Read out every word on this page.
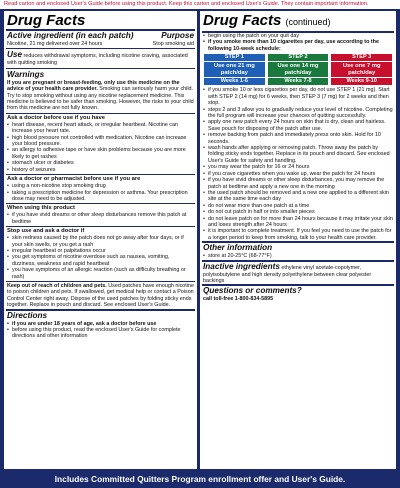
Read carton and enclosed User's Guide before using this product. Keep this carton and enclosed User's Guide. They contain important information.
Drug Facts
Active ingredient (in each patch)	Purpose
Nicotine, 21 mg delivered over 24 hours	Stop smoking aid
Use reduces withdrawal symptoms, including nicotine craving, associated with quitting smoking
Warnings
If you are pregnant or breast-feeding, only use this medicine on the advice of your health care provider. Smoking can seriously harm your child. Try to stop smoking without using any nicotine replacement medicine. This medicine is believed to be safer than smoking. However, the risks to your child from this medicine are not fully known.
Ask a doctor before use if you have
• heart disease, recent heart attack, or irregular heartbeat. Nicotine can increase your heart rate.
• high blood pressure not controlled with medication. Nicotine can increase your blood pressure.
• an allergy to adhesive tape or have skin problems because you are more likely to get rashes
• stomach ulcer or diabetes
• history of seizures
Ask a doctor or pharmacist before use if you are
• using a non-nicotine stop smoking drug
• taking a prescription medicine for depression or asthma. Your prescription dose may need to be adjusted.
When using this product
• if you have vivid dreams or other sleep disturbances remove this patch at bedtime
Stop use and ask a doctor if
• skin redness caused by the patch does not go away after four days, or if your skin swells, or you get a rash
• irregular heartbeat or palpitations occur
• you get symptoms of nicotine overdose such as nausea, vomiting, dizziness, weakness and rapid heartbeat
• you have symptoms of an allergic reaction (such as difficulty breathing or rash)
Keep out of reach of children and pets. Used patches have enough nicotine to poison children and pets. If swallowed, get medical help or contact a Poison Control Center right away. Dispose of the used patches by folding sticky ends together. Replace in pouch and discard. See enclosed User's Guide.
Directions
• if you are under 18 years of age, ask a doctor before use
• before using this product, read the enclosed User's Guide for complete directions and other information
Drug Facts (continued)
• begin using the patch on your quit day
• if you smoke more than 10 cigarettes per day, use according to the following 10-week schedule:
STEP 1
Use one 21 mg patch/day
Weeks 1-6
STEP 2
Use one 14 mg patch/day
Weeks 7-8
STEP 3
Use one 7 mg patch/day
Weeks 9-10
• if you smoke 10 or less cigarettes per day, do not use STEP 1 (21 mg). Start with STEP 2 (14 mg) for 6 weeks, then STEP 3 (7 mg) for 2 weeks and then stop.
• steps 2 and 3 allow you to gradually reduce your level of nicotine. Completing the full program will increase your chances of quitting successfully.
• apply one new patch every 24 hours on skin that is dry, clean and hairless. Save pouch for disposing of the patch after use.
• remove backing from patch and immediately press onto skin. Hold for 10 seconds.
• wash hands after applying or removing patch. Throw away the patch by folding sticky ends together. Replace in its pouch and discard. See enclosed User's Guide for safety and handling.
• you may wear the patch for 16 or 24 hours
• if you crave cigarettes when you wake up, wear the patch for 24 hours
• if you have vivid dreams or other sleep disturbances, you may remove the patch at bedtime and apply a new one in the morning
• the used patch should be removed and a new one applied to a different skin site at the same time each day
• do not wear more than one patch at a time
• do not cut patch in half or into smaller pieces
• do not leave patch on for more than 24 hours because it may irritate your skin and loses strength after 24 hours
• it is important to complete treatment. If you feel you need to use the patch for a longer period to keep from smoking, talk to your health care provider.
Other information
• store at 20-25°C (68-77°F)
Inactive ingredients ethylene vinyl acetate-copolymer, polyisobutylene and high density polyethylene between clear polyester backings
Questions or comments?
call toll-free 1-800-834-5895
Includes Committed Quitters Program enrollment offer and User's Guide.
